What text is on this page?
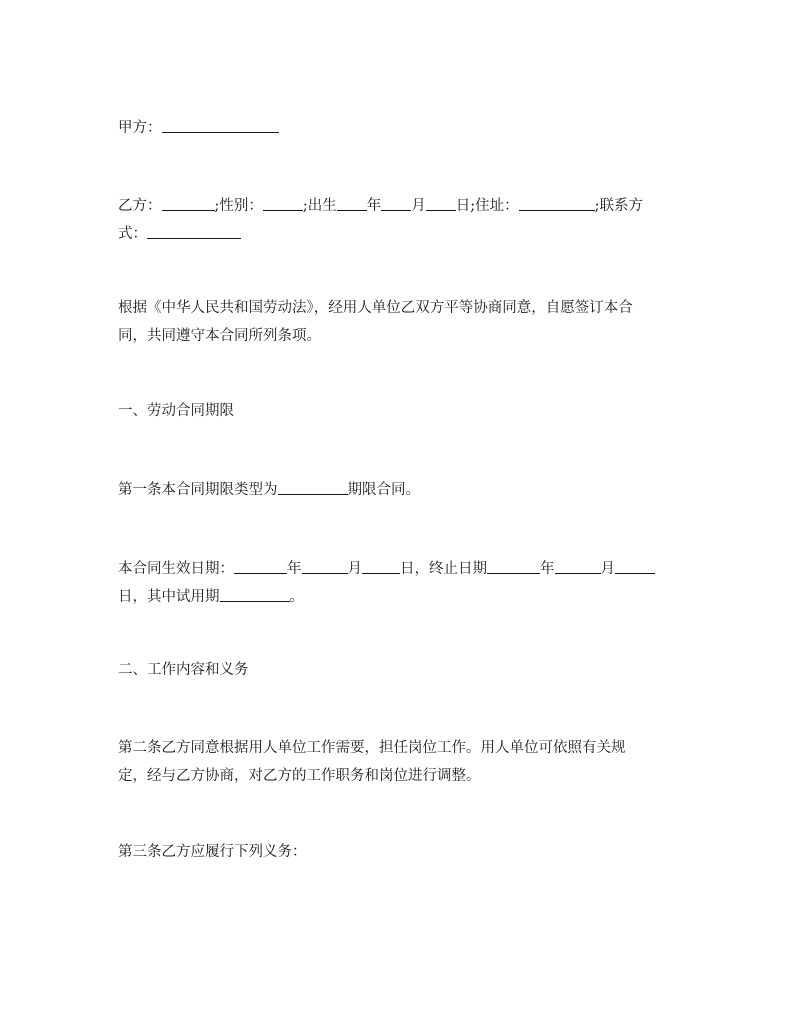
甲方：

乙方：	;性别：	;出生 年 月 日;住址：	;联系方
式：

根据《中华人民共和国劳动法》，经用人单位乙双方平等协商同意，自愿签订本合
同，共同遵守本合同所列条项。

一、劳动合同期限

第一条本合同期限类型为	期限合同。

本合同生效日期：	年	月	日，终止日期	年	月
日，其中试用期	。

二、工作内容和义务

第二条乙方同意根据用人单位工作需要，担任岗位工作。用人单位可依照有关规
定，经与乙方协商，对乙方的工作职务和岗位进行调整。

第三条乙方应履行下列义务：
